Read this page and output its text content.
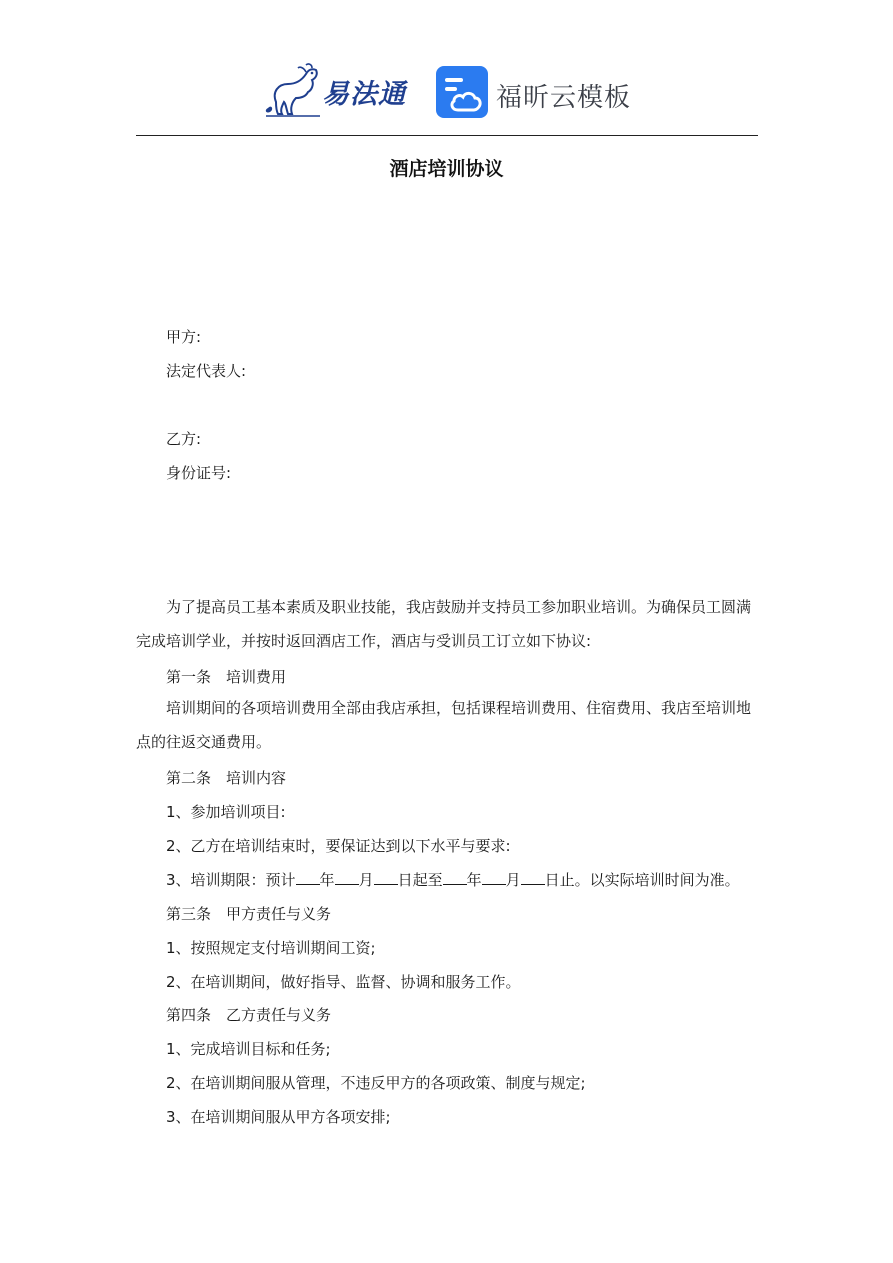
易法通	福昕云模板
酒店培训协议
甲方:
法定代表人:
乙方:
身份证号:
为了提高员工基本素质及职业技能，我店鼓励并支持员工参加职业培训。为确保员工圆满完成培训学业，并按时返回酒店工作，酒店与受训员工订立如下协议:
第一条　培训费用
培训期间的各项培训费用全部由我店承担，包括课程培训费用、住宿费用、我店至培训地点的往返交通费用。
第二条　培训内容
1、参加培训项目:
2、乙方在培训结束时，要保证达到以下水平与要求:
3、培训期限：预计 年 月 日起至 年 月 日止。以实际培训时间为准。
第三条　甲方责任与义务
1、按照规定支付培训期间工资;
2、在培训期间，做好指导、监督、协调和服务工作。
第四条　乙方责任与义务
1、完成培训目标和任务;
2、在培训期间服从管理，不违反甲方的各项政策、制度与规定;
3、在培训期间服从甲方各项安排;
